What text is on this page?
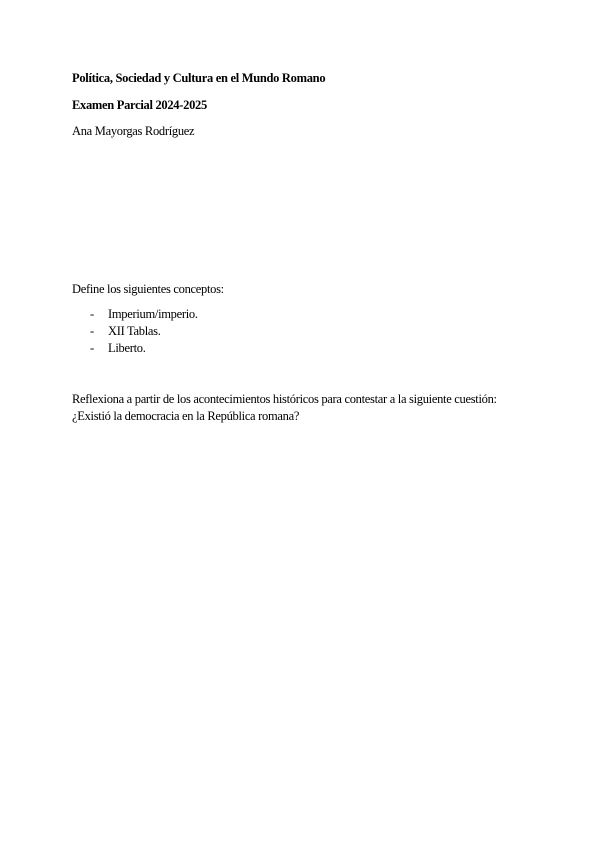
Política, Sociedad y Cultura en el Mundo Romano
Examen Parcial 2024-2025
Ana Mayorgas Rodríguez
Define los siguientes conceptos:
- Imperium/imperio.
- XII Tablas.
- Liberto.
Reflexiona a partir de los acontecimientos históricos para contestar a la siguiente cuestión:
¿Existió la democracia en la República romana?
